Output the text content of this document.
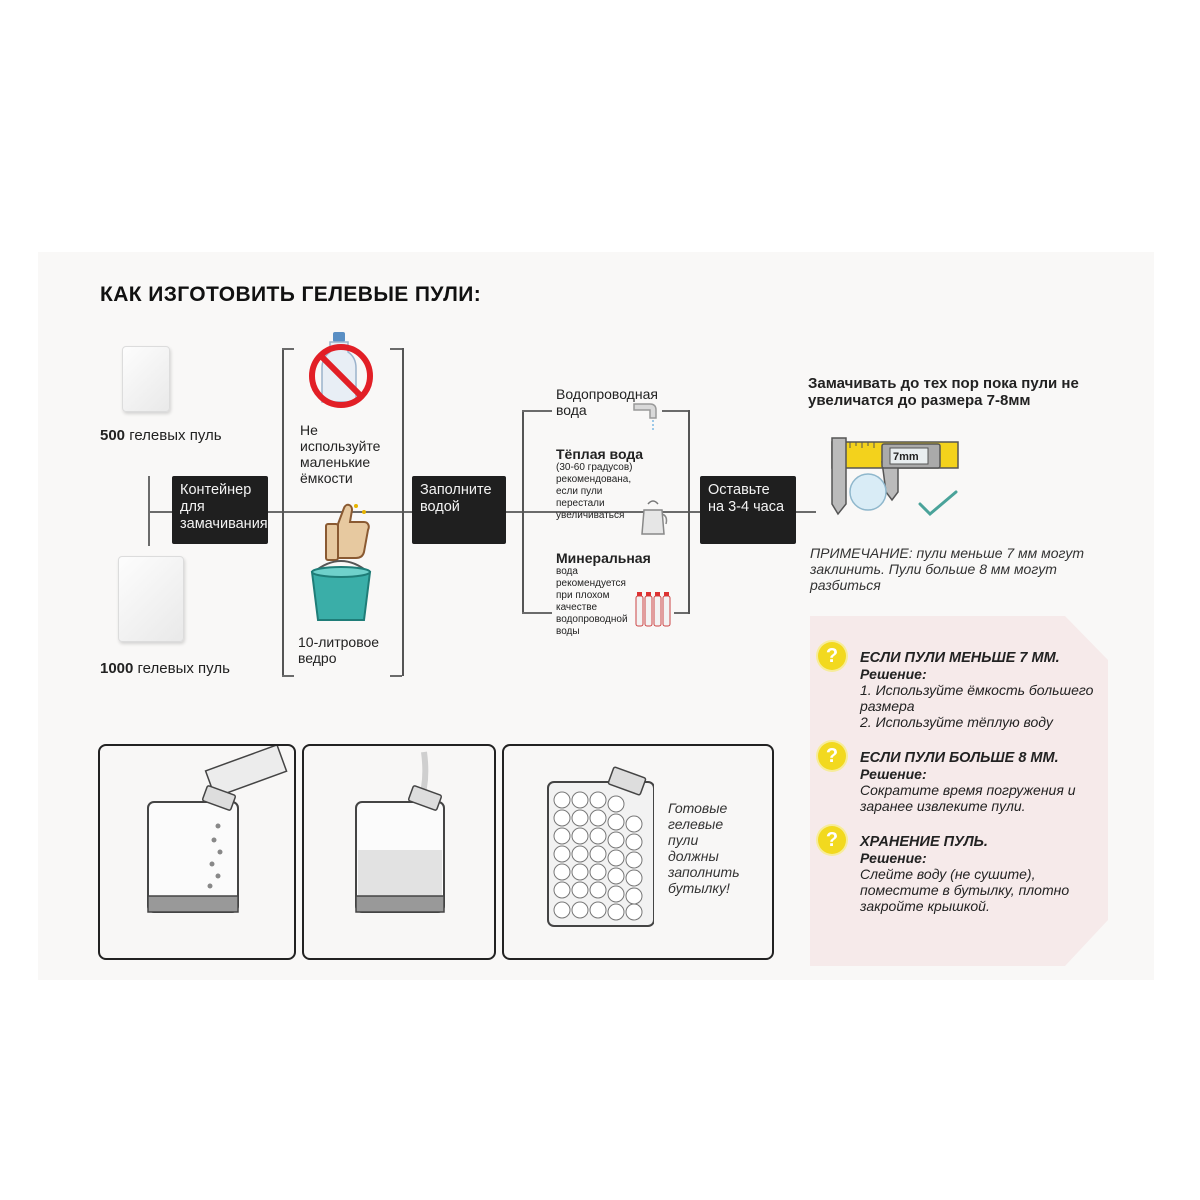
КАК ИЗГОТОВИТЬ ГЕЛЕВЫЕ ПУЛИ:
500 гелевых пуль
1000 гелевых пуль
Контейнер для замачивания
Заполните водой
Оставьте на 3-4 часа
Не используйте маленькие ёмкости
10-литровое ведро
Водопроводная вода
Тёплая вода
(30-60 градусов) рекомендована, если пули перестали увеличиваться
Минеральная
вода рекомендуется при плохом качестве водопроводной воды
Замачивать до тех пор пока пули не увеличатся до размера 7-8мм
7mm
ПРИМЕЧАНИЕ: пули меньше 7 мм могут заклинить. Пули больше 8 мм могут разбиться
Готовые гелевые пули должны заполнить бутылку!
?	ЕСЛИ ПУЛИ МЕНЬШЕ 7 ММ.
Решение:
1. Используйте ёмкость большего размера
2. Используйте тёплую воду
?	ЕСЛИ ПУЛИ БОЛЬШЕ 8 ММ.
Решение:
Сократите время погружения и заранее извлеките пули.
?	ХРАНЕНИЕ ПУЛЬ.
Решение:
Слейте воду (не сушите), поместите в бутылку, плотно закройте крышкой.
